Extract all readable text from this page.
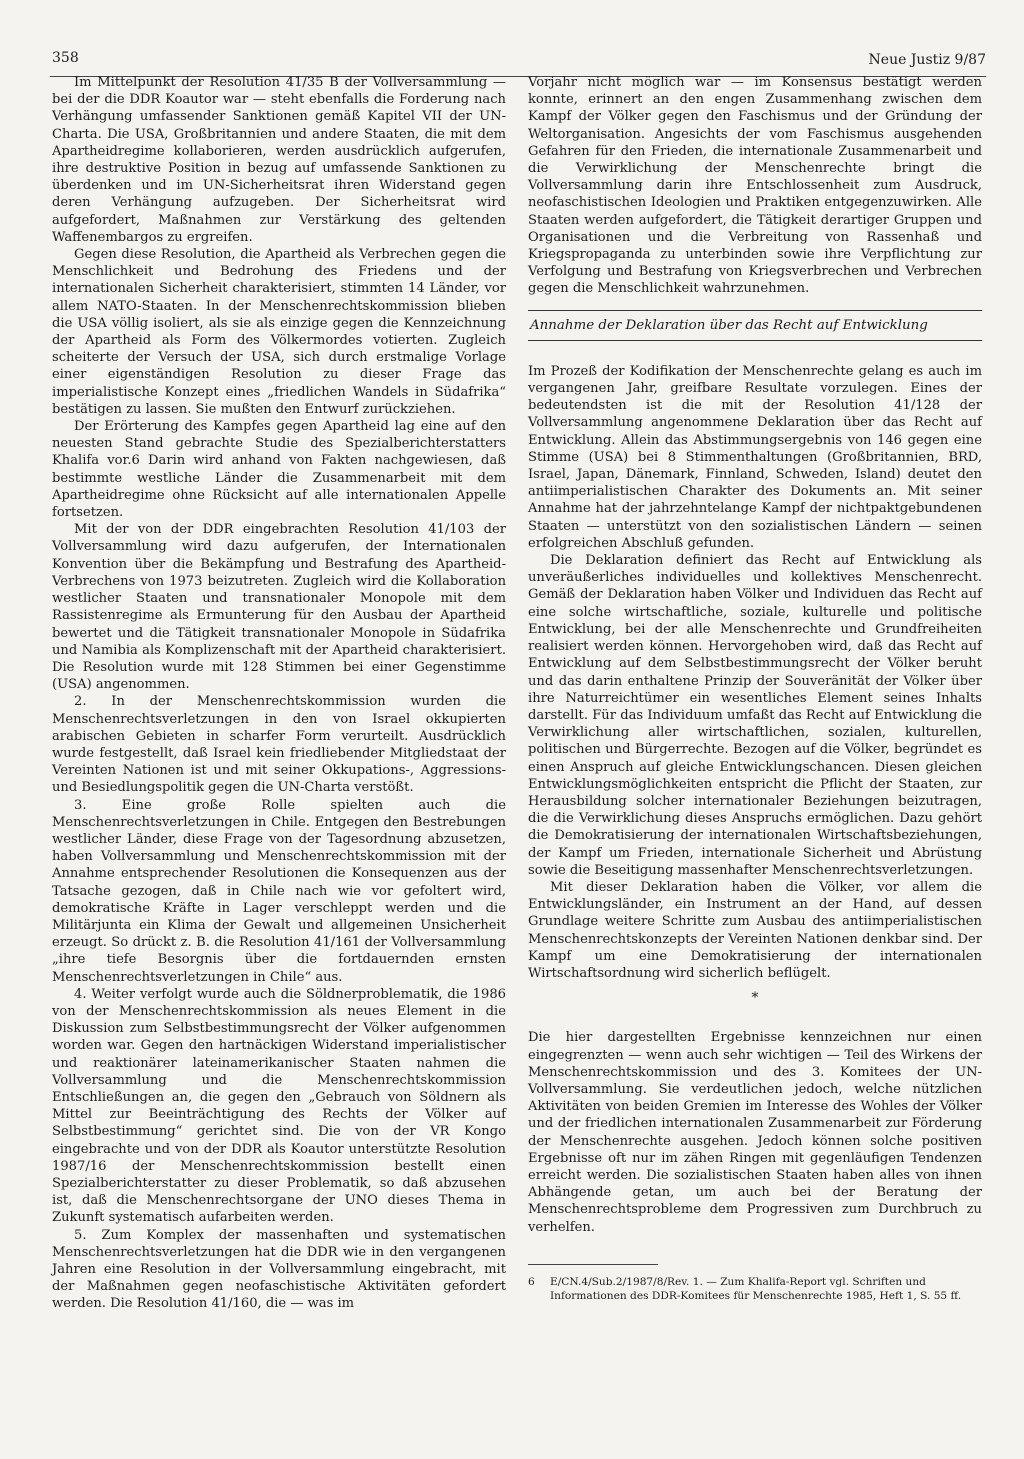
358	Neue Justiz 9/87

Im Mittelpunkt der Resolution 41/35 B der Vollversammlung — bei der die DDR Koautor war — steht ebenfalls die Forderung nach Verhängung umfassender Sanktionen gemäß Kapitel VII der UN-Charta. Die USA, Großbritannien und andere Staaten, die mit dem Apartheidregime kollaborieren, werden ausdrücklich aufgerufen, ihre destruktive Position in bezug auf umfassende Sanktionen zu überdenken und im UN-Sicherheitsrat ihren Widerstand gegen deren Verhängung aufzugeben. Der Sicherheitsrat wird aufgefordert, Maßnahmen zur Verstärkung des geltenden Waffenembargos zu ergreifen.

Gegen diese Resolution, die Apartheid als Verbrechen gegen die Menschlichkeit und Bedrohung des Friedens und der internationalen Sicherheit charakterisiert, stimmten 14 Länder, vor allem NATO-Staaten. In der Menschenrechtskommission blieben die USA völlig isoliert, als sie als einzige gegen die Kennzeichnung der Apartheid als Form des Völkermordes votierten. Zugleich scheiterte der Versuch der USA, sich durch erstmalige Vorlage einer eigenständigen Resolution zu dieser Frage das imperialistische Konzept eines „friedlichen Wandels in Südafrika“ bestätigen zu lassen. Sie mußten den Entwurf zurückziehen.

Der Erörterung des Kampfes gegen Apartheid lag eine auf den neuesten Stand gebrachte Studie des Spezialberichterstatters Khalifa vor.6 Darin wird anhand von Fakten nachgewiesen, daß bestimmte westliche Länder die Zusammenarbeit mit dem Apartheidregime ohne Rücksicht auf alle internationalen Appelle fortsetzen.

Mit der von der DDR eingebrachten Resolution 41/103 der Vollversammlung wird dazu aufgerufen, der Internationalen Konvention über die Bekämpfung und Bestrafung des Apartheid-Verbrechens von 1973 beizutreten. Zugleich wird die Kollaboration westlicher Staaten und transnationaler Monopole mit dem Rassistenregime als Ermunterung für den Ausbau der Apartheid bewertet und die Tätigkeit transnationaler Monopole in Südafrika und Namibia als Komplizenschaft mit der Apartheid charakterisiert. Die Resolution wurde mit 128 Stimmen bei einer Gegenstimme (USA) angenommen.

2. In der Menschenrechtskommission wurden die Menschenrechtsverletzungen in den von Israel okkupierten arabischen Gebieten in scharfer Form verurteilt. Ausdrücklich wurde festgestellt, daß Israel kein friedliebender Mitgliedstaat der Vereinten Nationen ist und mit seiner Okkupations-, Aggressions- und Besiedlungspolitik gegen die UN-Charta verstößt.

3. Eine große Rolle spielten auch die Menschenrechtsverletzungen in Chile. Entgegen den Bestrebungen westlicher Länder, diese Frage von der Tagesordnung abzusetzen, haben Vollversammlung und Menschenrechtskommission mit der Annahme entsprechender Resolutionen die Konsequenzen aus der Tatsache gezogen, daß in Chile nach wie vor gefoltert wird, demokratische Kräfte in Lager verschleppt werden und die Militärjunta ein Klima der Gewalt und allgemeinen Unsicherheit erzeugt. So drückt z. B. die Resolution 41/161 der Vollversammlung „ihre tiefe Besorgnis über die fortdauernden ernsten Menschenrechtsverletzungen in Chile“ aus.

4. Weiter verfolgt wurde auch die Söldnerproblematik, die 1986 von der Menschenrechtskommission als neues Element in die Diskussion zum Selbstbestimmungsrecht der Völker aufgenommen worden war. Gegen den hartnäckigen Widerstand imperialistischer und reaktionärer lateinamerikanischer Staaten nahmen die Vollversammlung und die Menschenrechtskommission Entschließungen an, die gegen den „Gebrauch von Söldnern als Mittel zur Beeinträchtigung des Rechts der Völker auf Selbstbestimmung“ gerichtet sind. Die von der VR Kongo eingebrachte und von der DDR als Koautor unterstützte Resolution 1987/16 der Menschenrechtskommission bestellt einen Spezialberichterstatter zu dieser Problematik, so daß abzusehen ist, daß die Menschenrechtsorgane der UNO dieses Thema in Zukunft systematisch aufarbeiten werden.

5. Zum Komplex der massenhaften und systematischen Menschenrechtsverletzungen hat die DDR wie in den vergangenen Jahren eine Resolution in der Vollversammlung eingebracht, mit der Maßnahmen gegen neofaschistische Aktivitäten gefordert werden. Die Resolution 41/160, die — was im

Vorjahr nicht möglich war — im Konsensus bestätigt werden konnte, erinnert an den engen Zusammenhang zwischen dem Kampf der Völker gegen den Faschismus und der Gründung der Weltorganisation. Angesichts der vom Faschismus ausgehenden Gefahren für den Frieden, die internationale Zusammenarbeit und die Verwirklichung der Menschenrechte bringt die Vollversammlung darin ihre Entschlossenheit zum Ausdruck, neofaschistischen Ideologien und Praktiken entgegenzuwirken. Alle Staaten werden aufgefordert, die Tätigkeit derartiger Gruppen und Organisationen und die Verbreitung von Rassenhaß und Kriegspropaganda zu unterbinden sowie ihre Verpflichtung zur Verfolgung und Bestrafung von Kriegsverbrechen und Verbrechen gegen die Menschlichkeit wahrzunehmen.

Annahme der Deklaration über das Recht auf Entwicklung

Im Prozeß der Kodifikation der Menschenrechte gelang es auch im vergangenen Jahr, greifbare Resultate vorzulegen. Eines der bedeutendsten ist die mit der Resolution 41/128 der Vollversammlung angenommene Deklaration über das Recht auf Entwicklung. Allein das Abstimmungsergebnis von 146 gegen eine Stimme (USA) bei 8 Stimmenthaltungen (Großbritannien, BRD, Israel, Japan, Dänemark, Finnland, Schweden, Island) deutet den antiimperialistischen Charakter des Dokuments an. Mit seiner Annahme hat der jahrzehntelange Kampf der nichtpaktgebundenen Staaten — unterstützt von den sozialistischen Ländern — seinen erfolgreichen Abschluß gefunden.

Die Deklaration definiert das Recht auf Entwicklung als unveräußerliches individuelles und kollektives Menschenrecht. Gemäß der Deklaration haben Völker und Individuen das Recht auf eine solche wirtschaftliche, soziale, kulturelle und politische Entwicklung, bei der alle Menschenrechte und Grundfreiheiten realisiert werden können. Hervorgehoben wird, daß das Recht auf Entwicklung auf dem Selbstbestimmungsrecht der Völker beruht und das darin enthaltene Prinzip der Souveränität der Völker über ihre Naturreichtümer ein wesentliches Element seines Inhalts darstellt. Für das Individuum umfaßt das Recht auf Entwicklung die Verwirklichung aller wirtschaftlichen, sozialen, kulturellen, politischen und Bürgerrechte. Bezogen auf die Völker, begründet es einen Anspruch auf gleiche Entwicklungschancen. Diesen gleichen Entwicklungsmöglichkeiten entspricht die Pflicht der Staaten, zur Herausbildung solcher internationaler Beziehungen beizutragen, die die Verwirklichung dieses Anspruchs ermöglichen. Dazu gehört die Demokratisierung der internationalen Wirtschaftsbeziehungen, der Kampf um Frieden, internationale Sicherheit und Abrüstung sowie die Beseitigung massenhafter Menschenrechtsverletzungen.

Mit dieser Deklaration haben die Völker, vor allem die Entwicklungsländer, ein Instrument an der Hand, auf dessen Grundlage weitere Schritte zum Ausbau des antiimperialistischen Menschenrechtskonzepts der Vereinten Nationen denkbar sind. Der Kampf um eine Demokratisierung der internationalen Wirtschaftsordnung wird sicherlich beflügelt.

*

Die hier dargestellten Ergebnisse kennzeichnen nur einen eingegrenzten — wenn auch sehr wichtigen — Teil des Wirkens der Menschenrechtskommission und des 3. Komitees der UN-Vollversammlung. Sie verdeutlichen jedoch, welche nützlichen Aktivitäten von beiden Gremien im Interesse des Wohles der Völker und der friedlichen internationalen Zusammenarbeit zur Förderung der Menschenrechte ausgehen. Jedoch können solche positiven Ergebnisse oft nur im zähen Ringen mit gegenläufigen Tendenzen erreicht werden. Die sozialistischen Staaten haben alles von ihnen Abhängende getan, um auch bei der Beratung der Menschenrechtsprobleme dem Progressiven zum Durchbruch zu verhelfen.

6	E/CN.4/Sub.2/1987/8/Rev. 1. — Zum Khalifa-Report vgl. Schriften und Informationen des DDR-Komitees für Menschenrechte 1985, Heft 1, S. 55 ff.
